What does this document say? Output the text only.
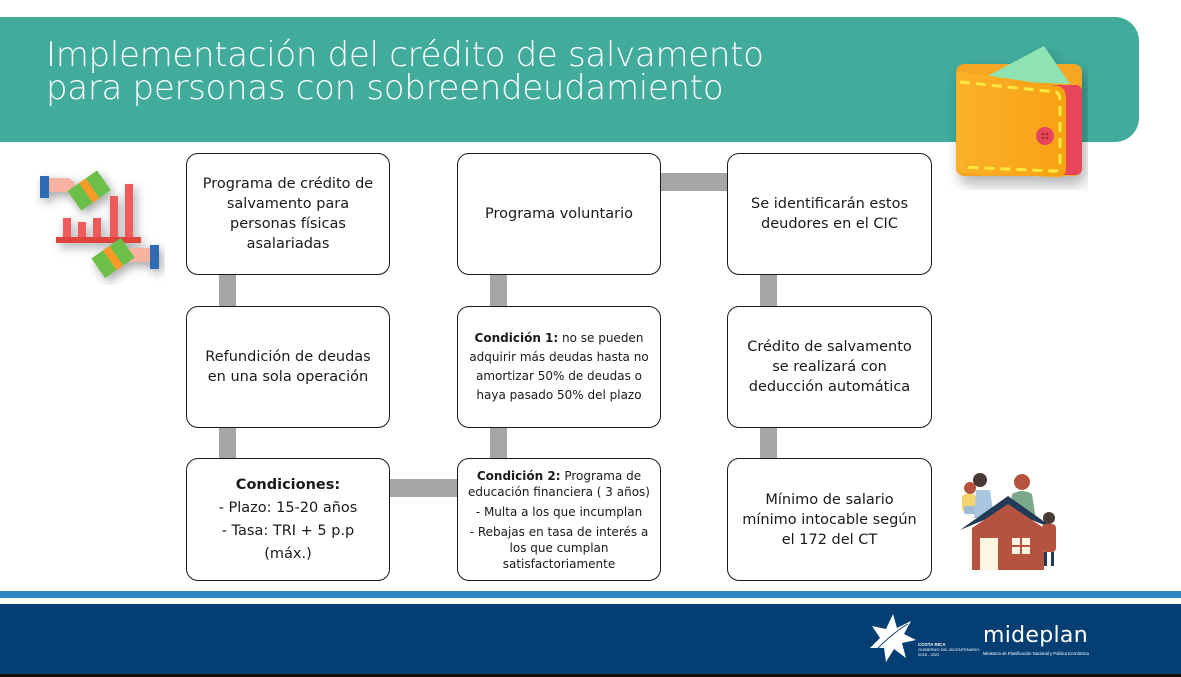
Implementación del crédito de salvamento
para personas con sobreendeudamiento
Programa de crédito de
salvamento para
personas físicas
asalariadas
Refundición de deudas
en una sola operación
Condiciones:
- Plazo: 15-20 años
- Tasa: TRI + 5 p.p (máx.)
Programa voluntario
Condición 1: no se pueden
adquirir más deudas hasta no
amortizar 50% de deudas o
haya pasado 50% del plazo
Condición 2: Programa de
educación financiera ( 3 años)
- Multa a los que incumplan
- Rebajas en tasa de interés a
los que cumplan
satisfactoriamente
Se identificarán estos
deudores en el CIC
Crédito de salvamento
se realizará con
deducción automática
Mínimo de salario
mínimo intocable según
el 172 del CT
COSTA RICA
GOBIERNO DEL BICENTENARIO
2018 - 2022
mideplan
Ministerio de Planificación Nacional y Política Económica
